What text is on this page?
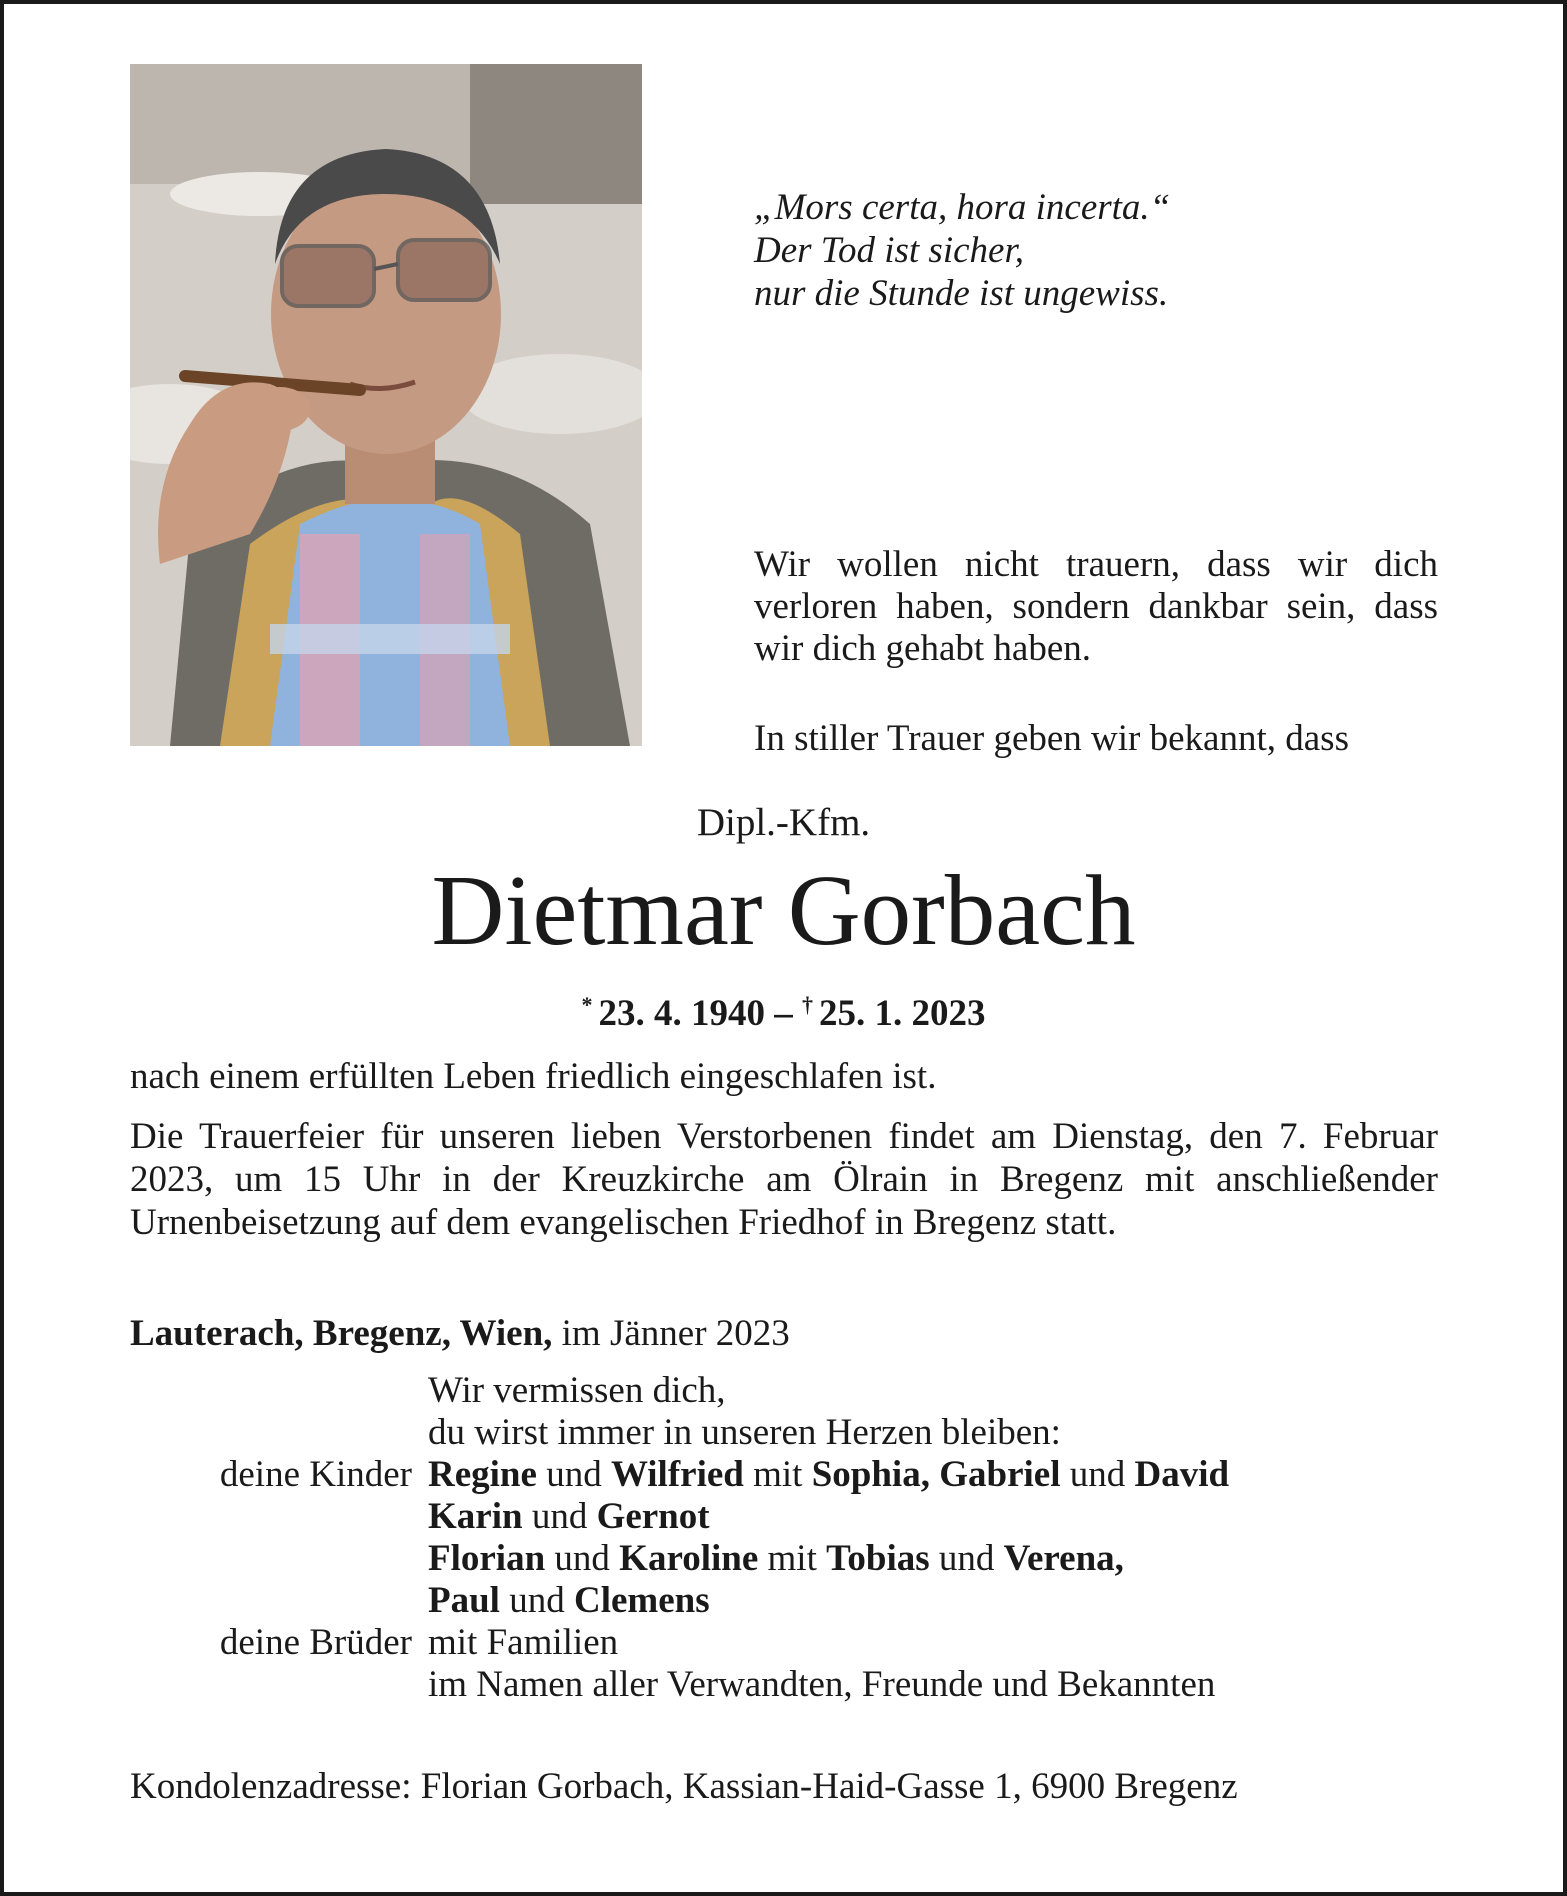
„Mors certa, hora incerta.“
Der Tod ist sicher,
nur die Stunde ist ungewiss.
Wir wollen nicht trauern, dass wir dich verloren haben, sondern dankbar sein, dass wir dich gehabt haben.
In stiller Trauer geben wir bekannt, dass
Dipl.-Kfm.
Dietmar Gorbach
* 23. 4. 1940 – † 25. 1. 2023
nach einem erfüllten Leben friedlich eingeschlafen ist.
Die Trauerfeier für unseren lieben Verstorbenen findet am Dienstag, den 7. Februar 2023, um 15 Uhr in der Kreuzkirche am Ölrain in Bregenz mit anschließender Urnenbeisetzung auf dem evangelischen Friedhof in Bregenz statt.
Lauterach, Bregenz, Wien, im Jänner 2023
Wir vermissen dich,
du wirst immer in unseren Herzen bleiben:
deine Kinder Regine und Wilfried mit Sophia, Gabriel und David
Karin und Gernot
Florian und Karoline mit Tobias und Verena,
Paul und Clemens
deine Brüder mit Familien
im Namen aller Verwandten, Freunde und Bekannten
Kondolenzadresse: Florian Gorbach, Kassian-Haid-Gasse 1, 6900 Bregenz
